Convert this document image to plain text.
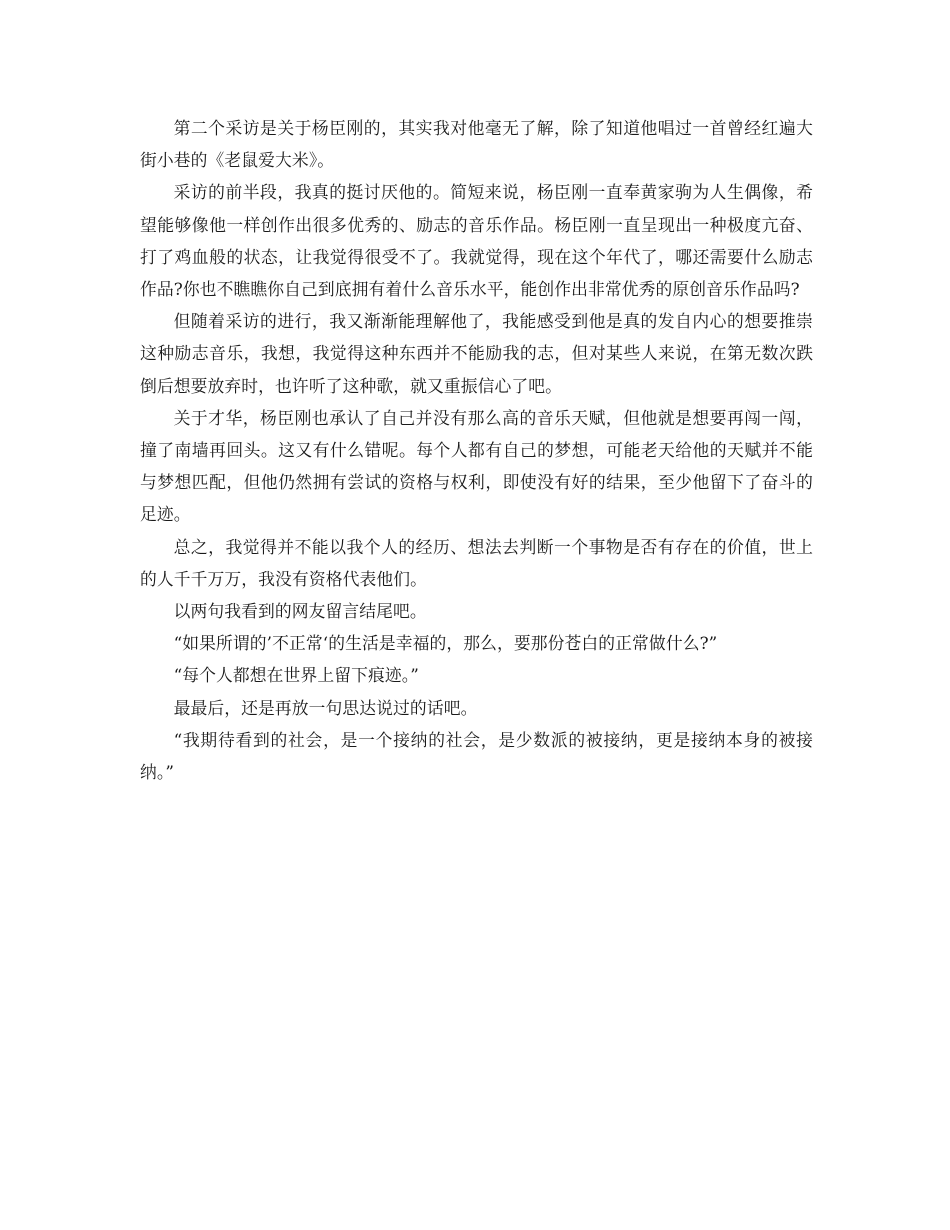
第二个采访是关于杨臣刚的，其实我对他毫无了解，除了知道他唱过一首曾经红遍大街小巷的《老鼠爱大米》。

采访的前半段，我真的挺讨厌他的。简短来说，杨臣刚一直奉黄家驹为人生偶像，希望能够像他一样创作出很多优秀的、励志的音乐作品。杨臣刚一直呈现出一种极度亢奋、打了鸡血般的状态，让我觉得很受不了。我就觉得，现在这个年代了，哪还需要什么励志作品?你也不瞧瞧你自己到底拥有着什么音乐水平，能创作出非常优秀的原创音乐作品吗?

但随着采访的进行，我又渐渐能理解他了，我能感受到他是真的发自内心的想要推崇这种励志音乐，我想，我觉得这种东西并不能励我的志，但对某些人来说，在第无数次跌倒后想要放弃时，也许听了这种歌，就又重振信心了吧。

关于才华，杨臣刚也承认了自己并没有那么高的音乐天赋，但他就是想要再闯一闯，撞了南墙再回头。这又有什么错呢。每个人都有自己的梦想，可能老天给他的天赋并不能与梦想匹配，但他仍然拥有尝试的资格与权利，即使没有好的结果，至少他留下了奋斗的足迹。

总之，我觉得并不能以我个人的经历、想法去判断一个事物是否有存在的价值，世上的人千千万万，我没有资格代表他们。

以两句我看到的网友留言结尾吧。

“如果所谓的’不正常‘的生活是幸福的，那么，要那份苍白的正常做什么?”

“每个人都想在世界上留下痕迹。”

最最后，还是再放一句思达说过的话吧。

“我期待看到的社会，是一个接纳的社会，是少数派的被接纳，更是接纳本身的被接纳。”
